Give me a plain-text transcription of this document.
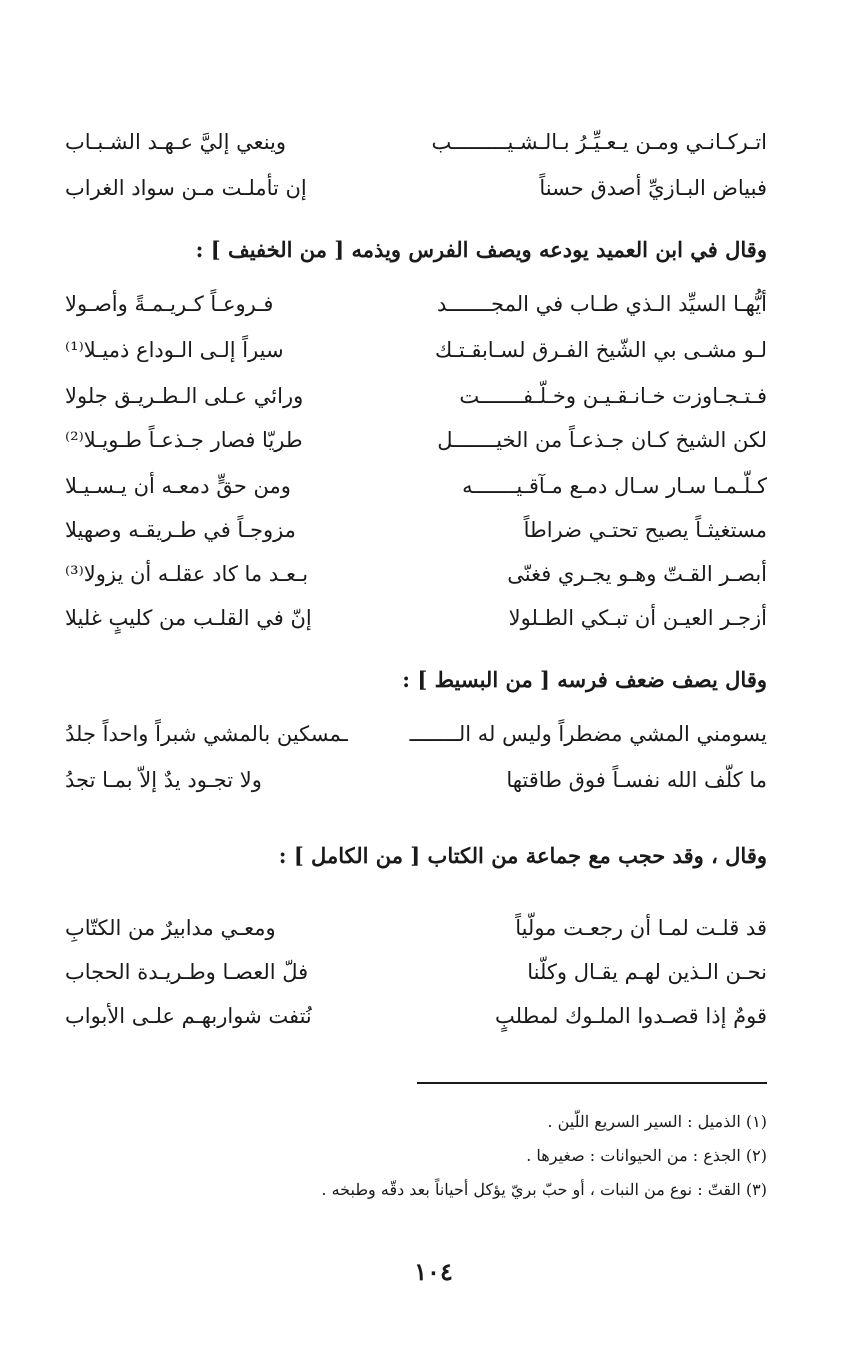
اتـركـانـي ومـن يـعـيِّـرُ بـالـشـيـــــــــب
وينعي إليَّ عـهـد الشـبـاب
فبياض البـازيِّ أصدق حسناً
إن تأملـت مـن سواد الغراب
وقال في ابن العميد يودعه ويصف الفرس ويذمه [ من الخفيف ] :
أيُّهـا السيِّد الـذي طـاب في المجـــــــد
فـروعـاً كـريـمـةً وأصـولا
لـو مشـى بي الشّيخ الفـرق لسـابقـتـك
سيراً إلـى الـوداع ذميـلا⁽¹⁾
فـتـجـاوزت خـانـقـيـن وخـلّـفـــــــت
ورائي عـلى الـطـريـق جلولا
لكن الشيخ كـان جـذعـاً من الخيـــــــل
طريّا فصار جـذعـاً طـويـلا⁽²⁾
كـلّـمـا سـار سـال دمـع مـآقـيـــــــه
ومن حقٍّ دمعـه أن يـسـيـلا
مستغيثـاً يصيح تحتـي ضراطاً
مزوجـاً في طـريقـه وصهيلا
أبصـر القـتّ وهـو يجـري فغنّى
بـعـد ما كاد عقلـه أن يزولا⁽³⁾
أزجـر العيـن أن تبـكي الطـلولا
إنّ في القلـب من كليبٍ غليلا
وقال يصف ضعف فرسه [ من البسيط ] :
يسومني المشي مضطراً وليس له الــــــــ
ـمسكين بالمشي شبراً واحداً جلدُ
ما كلّف الله نفسـاً فوق طاقتها
ولا تجـود يدٌ إلاّ بمـا تجدُ
وقال ، وقد حجب مع جماعة من الكتاب [ من الكامل ] :
قد قلـت لمـا أن رجعـت مولّياً
ومعـي مدابيرٌ من الكتّابِ
نحـن الـذين لهـم يقـال وكلّنا
فلّ العصـا وطـريـدة الحجاب
قومٌ إذا قصـدوا الملـوك لمطلبٍ
نُتفت شواربهـم علـى الأبواب
(١) الذميل : السير السريع اللّين .
(٢) الجذع : من الحيوانات : صغيرها .
(٣) القتّ : نوع من النبات ، أو حبّ بريّ يؤكل أحياناً بعد دقّه وطبخه .
١٠٤
